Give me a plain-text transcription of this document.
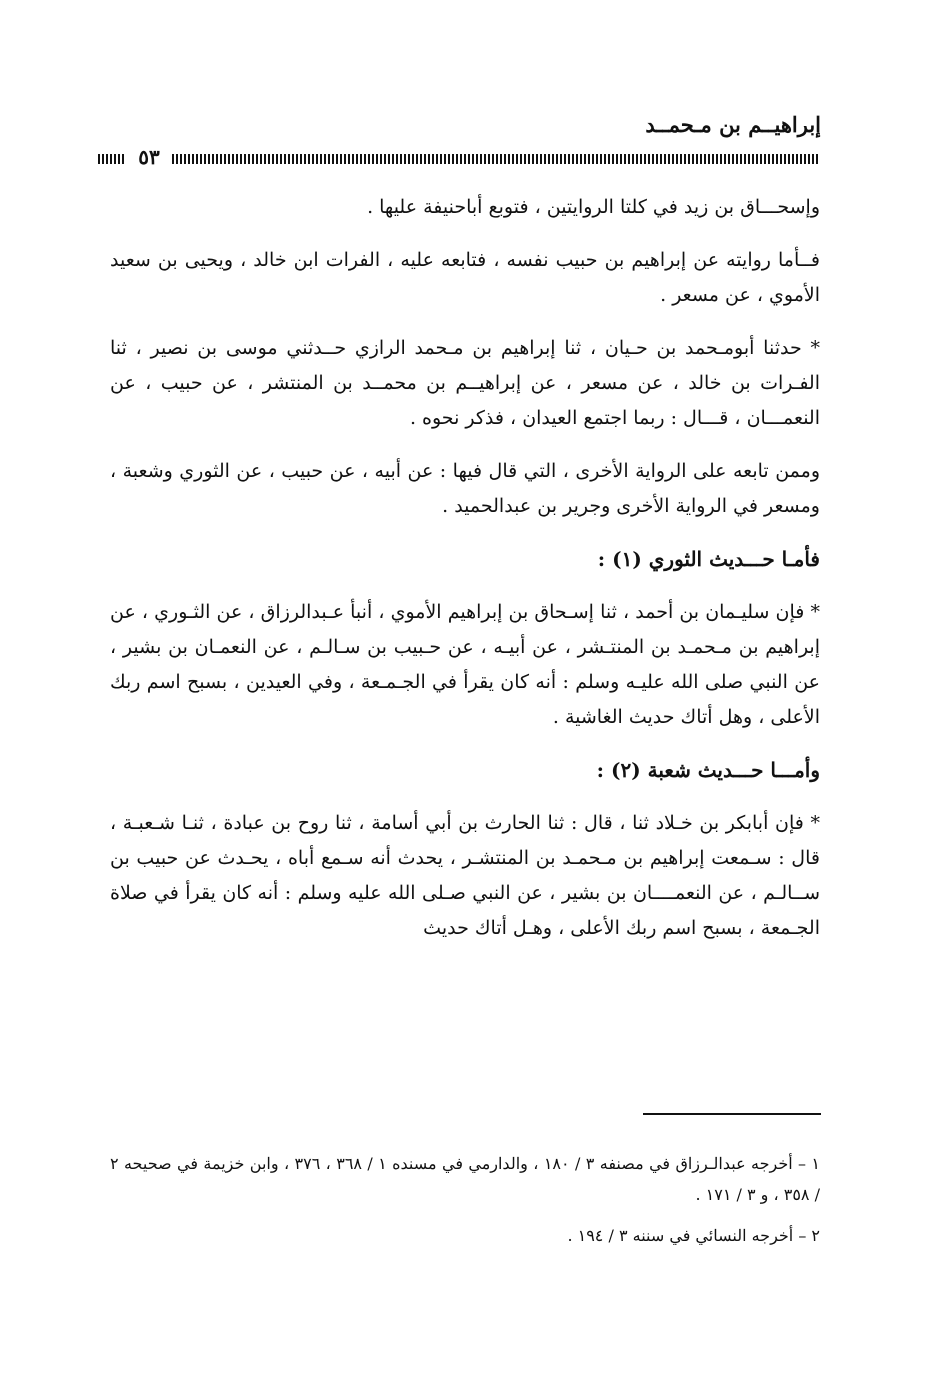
إبراهيــم بن مـحمــد
٥٣

وإسحـــاق بن زيد في كلتا الروايتين ، فتوبع أباحنيفة عليها .

فــأما روايته عن إبراهيم بن حبيب نفسه ، فتابعه عليه ، الفرات ابن خالد ، ويحيى بن سعيد الأموي ، عن مسعر .

* حدثنا أبومـحمد بن حـيان ، ثنا إبراهيم بن مـحمد الرازي حــدثني موسى بن نصير ، ثنا الفـرات بن خالد ، عن مسعر ، عن إبراهيــم بن محمــد بن المنتشر ، عن حبيب ، عن النعمـــان ، قـــال : ربما اجتمع العيدان ، فذكر نحوه .

وممن تابعه على الرواية الأخرى ، التي قال فيها : عن أبيه ، عن حبيب ، عن الثوري وشعبة ، ومسعر في الرواية الأخرى وجرير بن عبدالحميد .

فأمـا حـــديث الثوري (١) :

* فإن سليـمان بن أحمد ، ثنا إسـحاق بن إبراهيم الأموي ، أنبأ عـبدالرزاق ، عن الثـوري ، عن إبراهيم بن مـحمـد بن المنتـشر ، عن أبيـه ، عن حـبيب بن سـالـم ، عن النعمـان بن بشير ، عن النبي صلى الله عليـه وسلم : أنه كان يقرأ في الجـمـعة ، وفي العيدين ، بسبح اسم ربك الأعلى ، وهل أتاك حديث الغاشية .

وأمـــا حـــديث شعبة (٢) :

* فإن أبابكر بن خـلاد ثنا ، قال : ثنا الحارث بن أبي أسامة ، ثنا روح بن عبادة ، ثنـا شـعبـة ، قال : سـمعت إبراهيم بن مـحمـد بن المنتشـر ، يحدث أنه سـمع أباه ، يحـدث عن حبيب بن ســالـم ، عن النعمــــان بن بشير ، عن النبي صـلى الله عليه وسلم : أنه كان يقرأ في صلاة الجـمعة ، بسبح اسم ربك الأعلى ، وهـل أتاك حديث

١ – أخرجه عبدالـرزاق في مصنفه ٣ / ١٨٠ ، والدارمي في مسنده ١ / ٣٦٨ ، ٣٧٦ ، وابن خزيمة في صحيحه ٢ / ٣٥٨ ، و ٣ / ١٧١ .

٢ – أخرجه النسائي في سننه ٣ / ١٩٤ .
